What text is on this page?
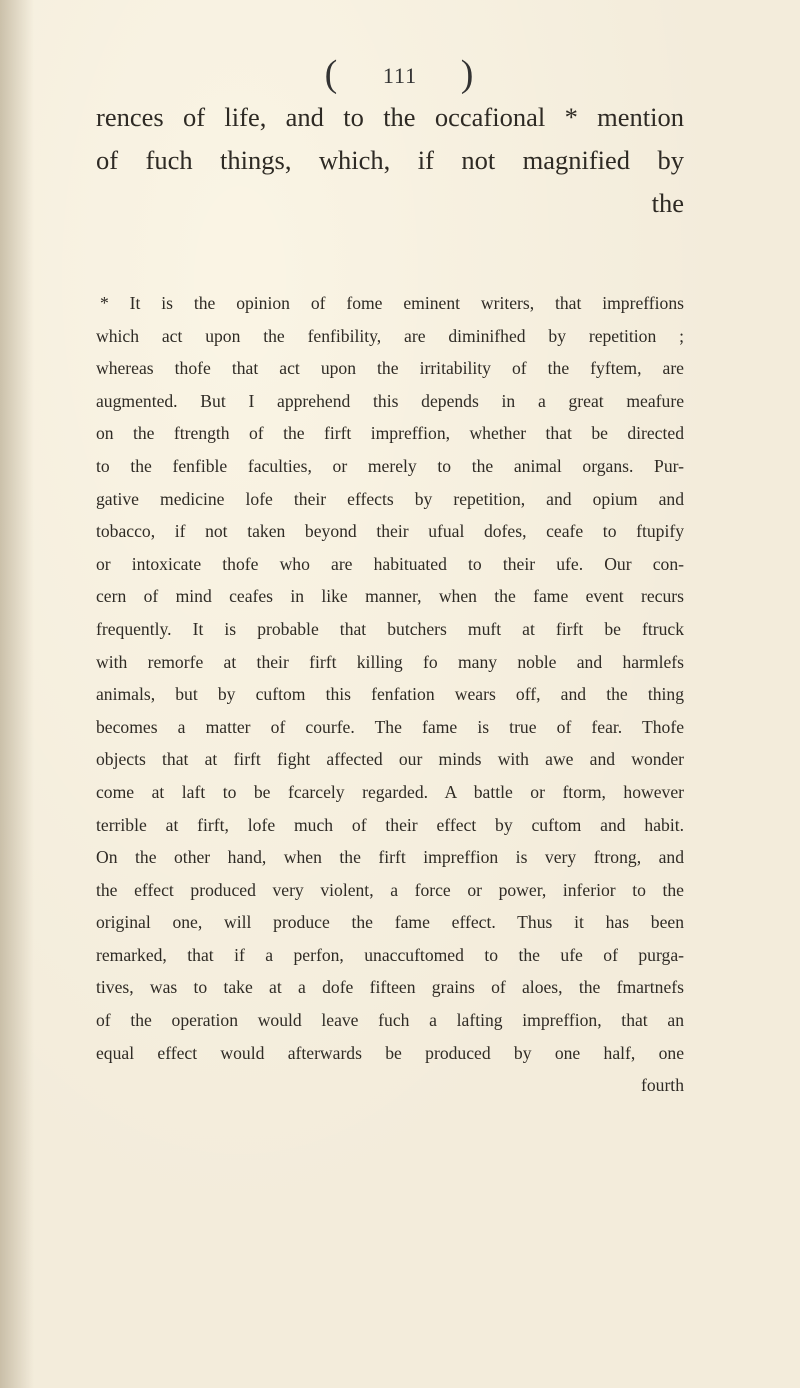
( 111 )
rences of life, and to the occafional * mention
of fuch things, which, if not magnified by
the
* It is the opinion of fome eminent writers, that impreffions
which act upon the fenfibility, are diminifhed by repetition ;
whereas thofe that act upon the irritability of the fyftem, are
augmented. But I apprehend this depends in a great meafure
on the ftrength of the firft impreffion, whether that be directed
to the fenfible faculties, or merely to the animal organs. Pur-
gative medicine lofe their effects by repetition, and opium and
tobacco, if not taken beyond their ufual dofes, ceafe to ftupify
or intoxicate thofe who are habituated to their ufe. Our con-
cern of mind ceafes in like manner, when the fame event recurs
frequently. It is probable that butchers muft at firft be ftruck
with remorfe at their firft killing fo many noble and harmlefs
animals, but by cuftom this fenfation wears off, and the thing
becomes a matter of courfe. The fame is true of fear. Thofe
objects that at firft fight affected our minds with awe and wonder
come at laft to be fcarcely regarded. A battle or ftorm, however
terrible at firft, lofe much of their effect by cuftom and habit.
On the other hand, when the firft impreffion is very ftrong, and
the effect produced very violent, a force or power, inferior to the
original one, will produce the fame effect. Thus it has been
remarked, that if a perfon, unaccuftomed to the ufe of purga-
tives, was to take at a dofe fifteen grains of aloes, the fmartnefs
of the operation would leave fuch a lafting impreffion, that an
equal effect would afterwards be produced by one half, one
fourth
